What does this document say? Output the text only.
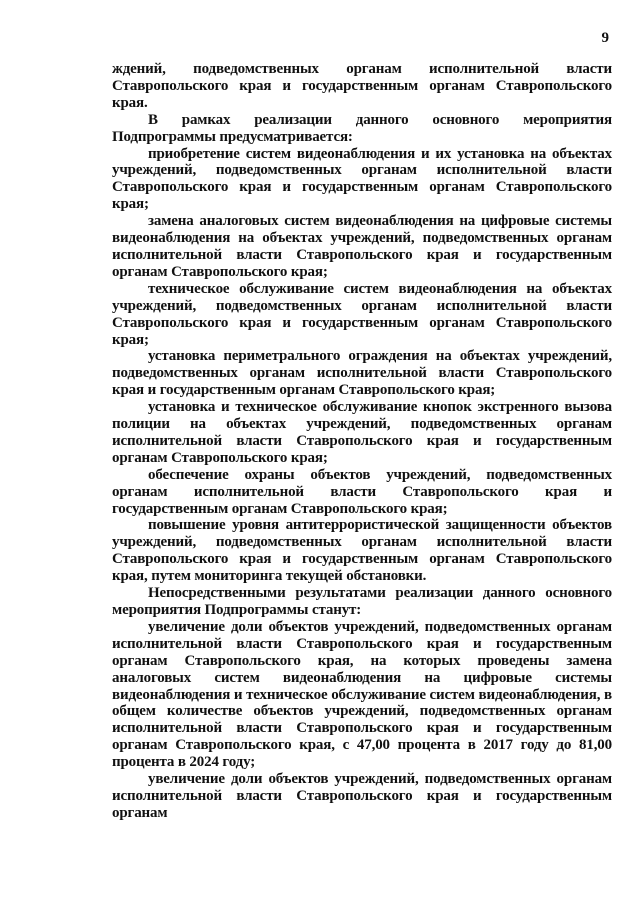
9

ждений, подведомственных органам исполнительной власти Ставропольского края и государственным органам Ставропольского края.

В рамках реализации данного основного мероприятия Подпрограммы предусматривается:

приобретение систем видеонаблюдения и их установка на объектах учреждений, подведомственных органам исполнительной власти Ставропольского края и государственным органам Ставропольского края;

замена аналоговых систем видеонаблюдения на цифровые системы видеонаблюдения на объектах учреждений, подведомственных органам исполнительной власти Ставропольского края и государственным органам Ставропольского края;

техническое обслуживание систем видеонаблюдения на объектах учреждений, подведомственных органам исполнительной власти Ставропольского края и государственным органам Ставропольского края;

установка периметрального ограждения на объектах учреждений, подведомственных органам исполнительной власти Ставропольского края и государственным органам Ставропольского края;

установка и техническое обслуживание кнопок экстренного вызова полиции на объектах учреждений, подведомственных органам исполнительной власти Ставропольского края и государственным органам Ставропольского края;

обеспечение охраны объектов учреждений, подведомственных органам исполнительной власти Ставропольского края и государственным органам Ставропольского края;

повышение уровня антитеррористической защищенности объектов учреждений, подведомственных органам исполнительной власти Ставропольского края и государственным органам Ставропольского края, путем мониторинга текущей обстановки.

Непосредственными результатами реализации данного основного мероприятия Подпрограммы станут:

увеличение доли объектов учреждений, подведомственных органам исполнительной власти Ставропольского края и государственным органам Ставропольского края, на которых проведены замена аналоговых систем видеонаблюдения на цифровые системы видеонаблюдения и техническое обслуживание систем видеонаблюдения, в общем количестве объектов учреждений, подведомственных органам исполнительной власти Ставропольского края и государственным органам Ставропольского края, с 47,00 процента в 2017 году до 81,00 процента в 2024 году;

увеличение доли объектов учреждений, подведомственных органам исполнительной власти Ставропольского края и государственным органам
